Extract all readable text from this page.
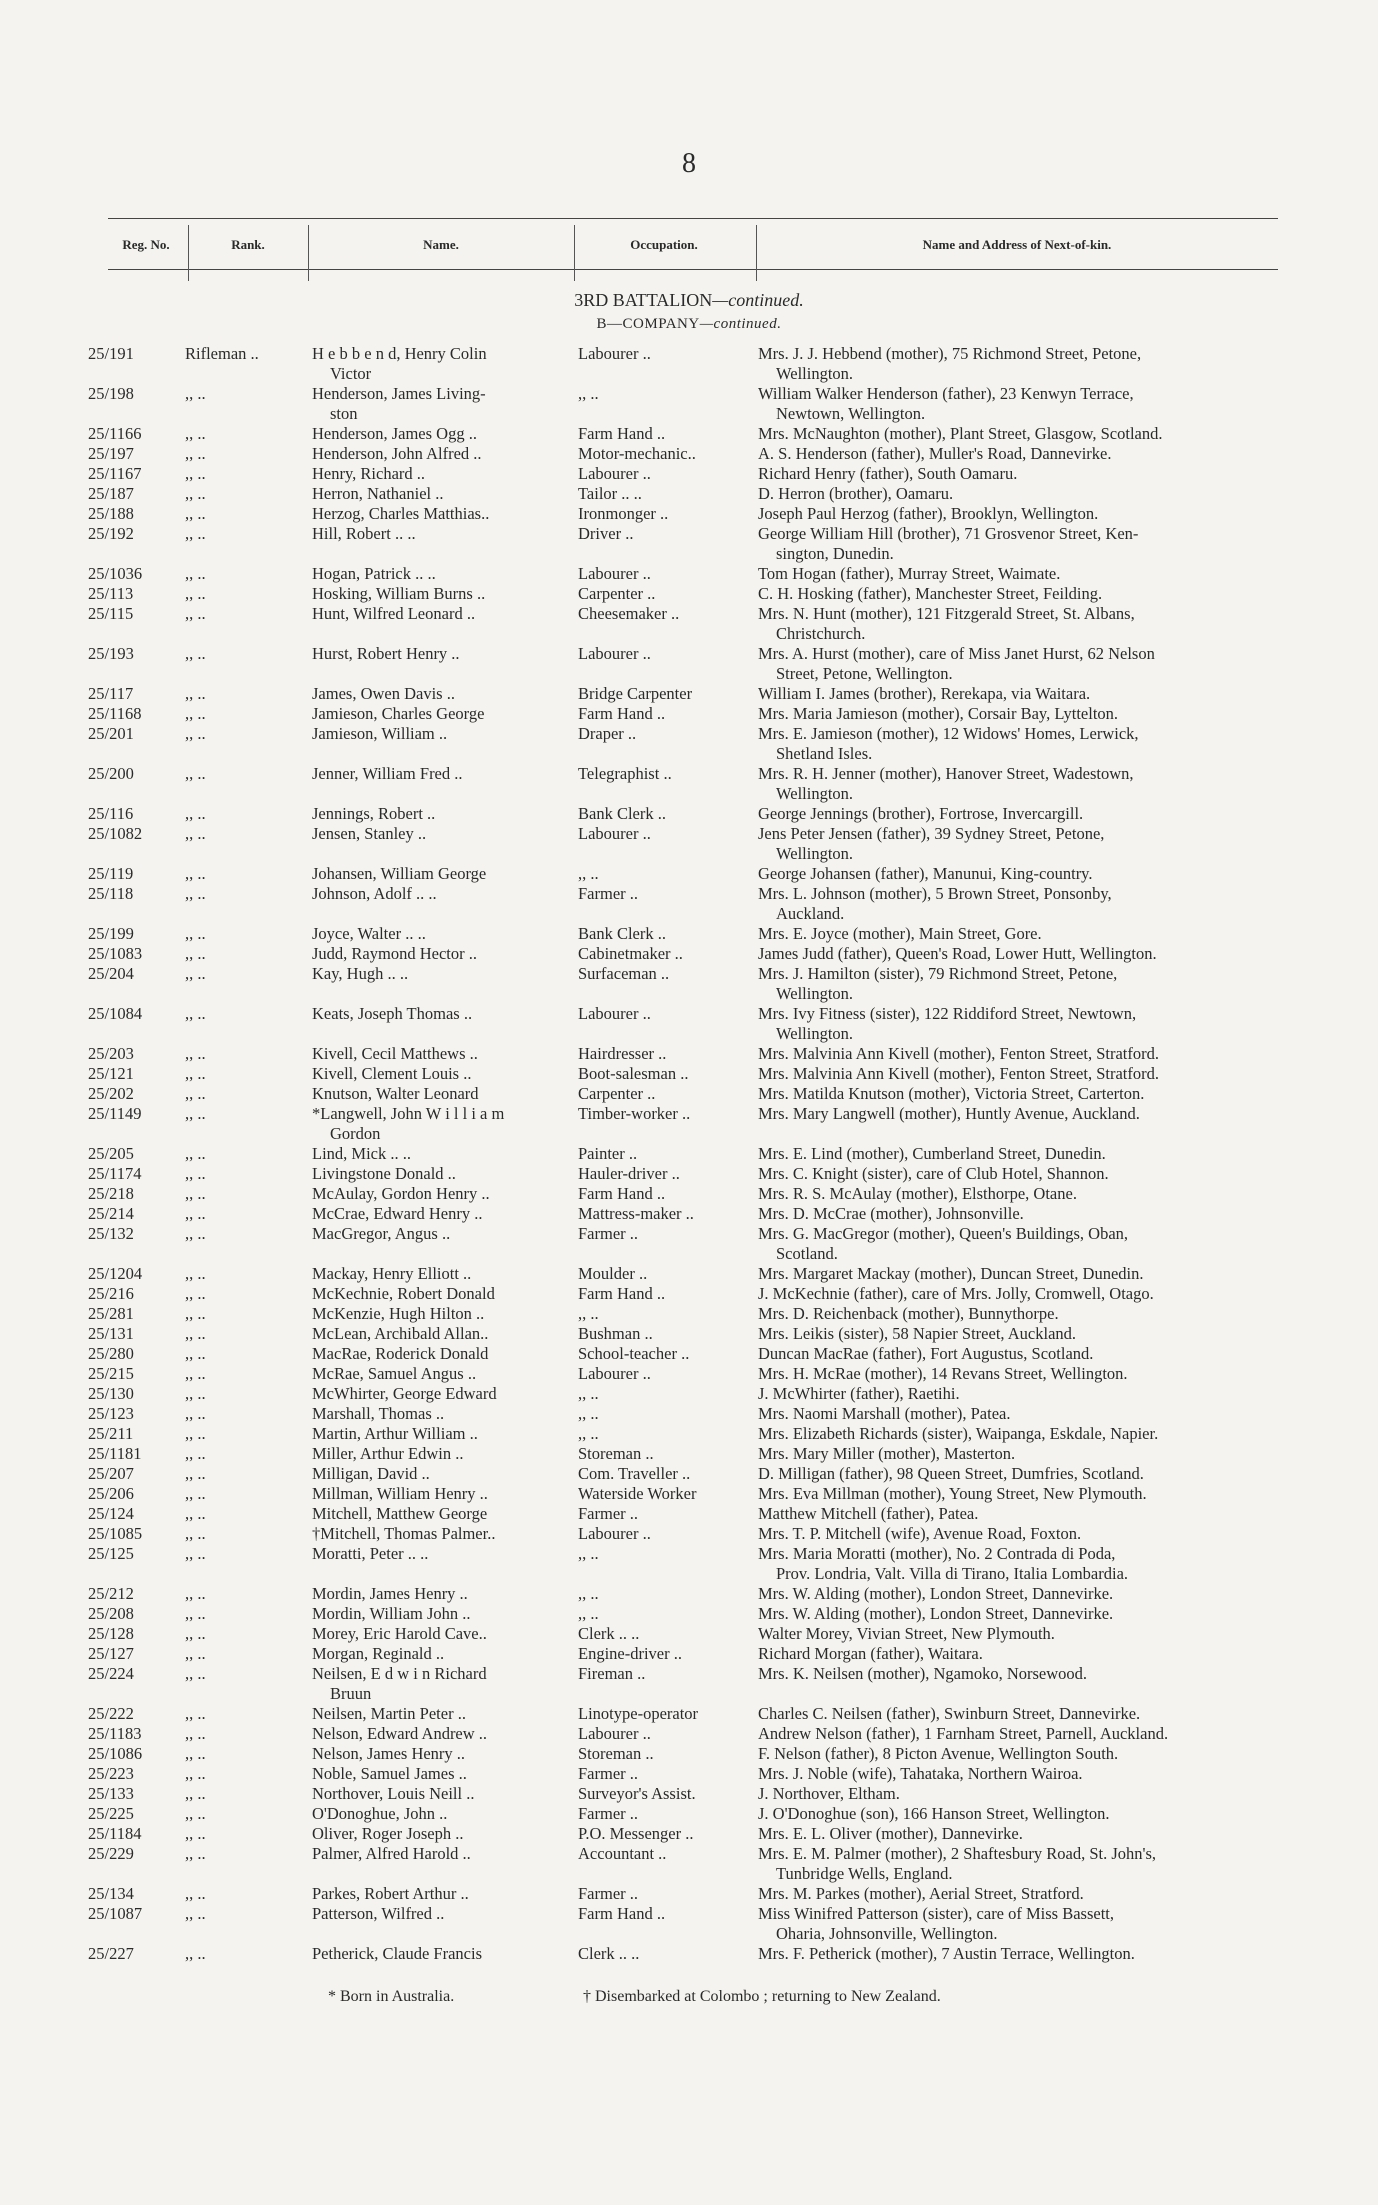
8
Reg. No.	Rank.	Name.	Occupation.	Name and Address of Next-of-kin.
3RD BATTALION—continued.
B—COMPANY—continued.
25/191	Rifleman ..	H e b b e n d, Henry Colin
Victor
Labourer ..	Mrs. J. J. Hebbend (mother), 75 Richmond Street, Petone,
Wellington.
25/198	,, ..	Henderson, James Living-
ston
,, ..	William Walker Henderson (father), 23 Kenwyn Terrace,
Newtown, Wellington.
25/1166	,, ..	Henderson, James Ogg ..	Farm Hand ..	Mrs. McNaughton (mother), Plant Street, Glasgow, Scotland.
25/197	,, ..	Henderson, John Alfred ..	Motor-mechanic..	A. S. Henderson (father), Muller's Road, Dannevirke.
25/1167	,, ..	Henry, Richard ..	Labourer ..	Richard Henry (father), South Oamaru.
25/187	,, ..	Herron, Nathaniel ..	Tailor .. ..	D. Herron (brother), Oamaru.
25/188	,, ..	Herzog, Charles Matthias..	Ironmonger ..	Joseph Paul Herzog (father), Brooklyn, Wellington.
25/192	,, ..	Hill, Robert .. ..	Driver ..	George William Hill (brother), 71 Grosvenor Street, Ken-
sington, Dunedin.
25/1036	,, ..	Hogan, Patrick .. ..	Labourer ..	Tom Hogan (father), Murray Street, Waimate.
25/113	,, ..	Hosking, William Burns ..	Carpenter ..	C. H. Hosking (father), Manchester Street, Feilding.
25/115	,, ..	Hunt, Wilfred Leonard ..	Cheesemaker ..	Mrs. N. Hunt (mother), 121 Fitzgerald Street, St. Albans,
Christchurch.
25/193	,, ..	Hurst, Robert Henry ..	Labourer ..	Mrs. A. Hurst (mother), care of Miss Janet Hurst, 62 Nelson
Street, Petone, Wellington.
25/117	,, ..	James, Owen Davis ..	Bridge Carpenter	William I. James (brother), Rerekapa, via Waitara.
25/1168	,, ..	Jamieson, Charles George	Farm Hand ..	Mrs. Maria Jamieson (mother), Corsair Bay, Lyttelton.
25/201	,, ..	Jamieson, William ..	Draper ..	Mrs. E. Jamieson (mother), 12 Widows' Homes, Lerwick,
Shetland Isles.
25/200	,, ..	Jenner, William Fred ..	Telegraphist ..	Mrs. R. H. Jenner (mother), Hanover Street, Wadestown,
Wellington.
25/116	,, ..	Jennings, Robert ..	Bank Clerk ..	George Jennings (brother), Fortrose, Invercargill.
25/1082	,, ..	Jensen, Stanley ..	Labourer ..	Jens Peter Jensen (father), 39 Sydney Street, Petone,
Wellington.
25/119	,, ..	Johansen, William George	,, ..	George Johansen (father), Manunui, King-country.
25/118	,, ..	Johnson, Adolf .. ..	Farmer ..	Mrs. L. Johnson (mother), 5 Brown Street, Ponsonby,
Auckland.
25/199	,, ..	Joyce, Walter .. ..	Bank Clerk ..	Mrs. E. Joyce (mother), Main Street, Gore.
25/1083	,, ..	Judd, Raymond Hector ..	Cabinetmaker ..	James Judd (father), Queen's Road, Lower Hutt, Wellington.
25/204	,, ..	Kay, Hugh .. ..	Surfaceman ..	Mrs. J. Hamilton (sister), 79 Richmond Street, Petone,
Wellington.
25/1084	,, ..	Keats, Joseph Thomas ..	Labourer ..	Mrs. Ivy Fitness (sister), 122 Riddiford Street, Newtown,
Wellington.
25/203	,, ..	Kivell, Cecil Matthews ..	Hairdresser ..	Mrs. Malvinia Ann Kivell (mother), Fenton Street, Stratford.
25/121	,, ..	Kivell, Clement Louis ..	Boot-salesman ..	Mrs. Malvinia Ann Kivell (mother), Fenton Street, Stratford.
25/202	,, ..	Knutson, Walter Leonard	Carpenter ..	Mrs. Matilda Knutson (mother), Victoria Street, Carterton.
25/1149	,, ..	*Langwell, John W i l l i a m
Gordon
Timber-worker ..	Mrs. Mary Langwell (mother), Huntly Avenue, Auckland.
25/205	,, ..	Lind, Mick .. ..	Painter ..	Mrs. E. Lind (mother), Cumberland Street, Dunedin.
25/1174	,, ..	Livingstone Donald ..	Hauler-driver ..	Mrs. C. Knight (sister), care of Club Hotel, Shannon.
25/218	,, ..	McAulay, Gordon Henry ..	Farm Hand ..	Mrs. R. S. McAulay (mother), Elsthorpe, Otane.
25/214	,, ..	McCrae, Edward Henry ..	Mattress-maker ..	Mrs. D. McCrae (mother), Johnsonville.
25/132	,, ..	MacGregor, Angus ..	Farmer ..	Mrs. G. MacGregor (mother), Queen's Buildings, Oban,
Scotland.
25/1204	,, ..	Mackay, Henry Elliott ..	Moulder ..	Mrs. Margaret Mackay (mother), Duncan Street, Dunedin.
25/216	,, ..	McKechnie, Robert Donald	Farm Hand ..	J. McKechnie (father), care of Mrs. Jolly, Cromwell, Otago.
25/281	,, ..	McKenzie, Hugh Hilton ..	,, ..	Mrs. D. Reichenback (mother), Bunnythorpe.
25/131	,, ..	McLean, Archibald Allan..	Bushman ..	Mrs. Leikis (sister), 58 Napier Street, Auckland.
25/280	,, ..	MacRae, Roderick Donald	School-teacher ..	Duncan MacRae (father), Fort Augustus, Scotland.
25/215	,, ..	McRae, Samuel Angus ..	Labourer ..	Mrs. H. McRae (mother), 14 Revans Street, Wellington.
25/130	,, ..	McWhirter, George Edward	,, ..	J. McWhirter (father), Raetihi.
25/123	,, ..	Marshall, Thomas ..	,, ..	Mrs. Naomi Marshall (mother), Patea.
25/211	,, ..	Martin, Arthur William ..	,, ..	Mrs. Elizabeth Richards (sister), Waipanga, Eskdale, Napier.
25/1181	,, ..	Miller, Arthur Edwin ..	Storeman ..	Mrs. Mary Miller (mother), Masterton.
25/207	,, ..	Milligan, David ..	Com. Traveller ..	D. Milligan (father), 98 Queen Street, Dumfries, Scotland.
25/206	,, ..	Millman, William Henry ..	Waterside Worker	Mrs. Eva Millman (mother), Young Street, New Plymouth.
25/124	,, ..	Mitchell, Matthew George	Farmer ..	Matthew Mitchell (father), Patea.
25/1085	,, ..	†Mitchell, Thomas Palmer..	Labourer ..	Mrs. T. P. Mitchell (wife), Avenue Road, Foxton.
25/125	,, ..	Moratti, Peter .. ..	,, ..	Mrs. Maria Moratti (mother), No. 2 Contrada di Poda,
Prov. Londria, Valt. Villa di Tirano, Italia Lombardia.
25/212	,, ..	Mordin, James Henry ..	,, ..	Mrs. W. Alding (mother), London Street, Dannevirke.
25/208	,, ..	Mordin, William John ..	,, ..	Mrs. W. Alding (mother), London Street, Dannevirke.
25/128	,, ..	Morey, Eric Harold Cave..	Clerk .. ..	Walter Morey, Vivian Street, New Plymouth.
25/127	,, ..	Morgan, Reginald ..	Engine-driver ..	Richard Morgan (father), Waitara.
25/224	,, ..	Neilsen, E d w i n Richard
Bruun
Fireman ..	Mrs. K. Neilsen (mother), Ngamoko, Norsewood.
25/222	,, ..	Neilsen, Martin Peter ..	Linotype-operator	Charles C. Neilsen (father), Swinburn Street, Dannevirke.
25/1183	,, ..	Nelson, Edward Andrew ..	Labourer ..	Andrew Nelson (father), 1 Farnham Street, Parnell, Auckland.
25/1086	,, ..	Nelson, James Henry ..	Storeman ..	F. Nelson (father), 8 Picton Avenue, Wellington South.
25/223	,, ..	Noble, Samuel James ..	Farmer ..	Mrs. J. Noble (wife), Tahataka, Northern Wairoa.
25/133	,, ..	Northover, Louis Neill ..	Surveyor's Assist.	J. Northover, Eltham.
25/225	,, ..	O'Donoghue, John ..	Farmer ..	J. O'Donoghue (son), 166 Hanson Street, Wellington.
25/1184	,, ..	Oliver, Roger Joseph ..	P.O. Messenger ..	Mrs. E. L. Oliver (mother), Dannevirke.
25/229	,, ..	Palmer, Alfred Harold ..	Accountant ..	Mrs. E. M. Palmer (mother), 2 Shaftesbury Road, St. John's,
Tunbridge Wells, England.
25/134	,, ..	Parkes, Robert Arthur ..	Farmer ..	Mrs. M. Parkes (mother), Aerial Street, Stratford.
25/1087	,, ..	Patterson, Wilfred ..	Farm Hand ..	Miss Winifred Patterson (sister), care of Miss Bassett,
Oharia, Johnsonville, Wellington.
25/227	,, ..	Petherick, Claude Francis	Clerk .. ..	Mrs. F. Petherick (mother), 7 Austin Terrace, Wellington.
* Born in Australia.	† Disembarked at Colombo ; returning to New Zealand.
